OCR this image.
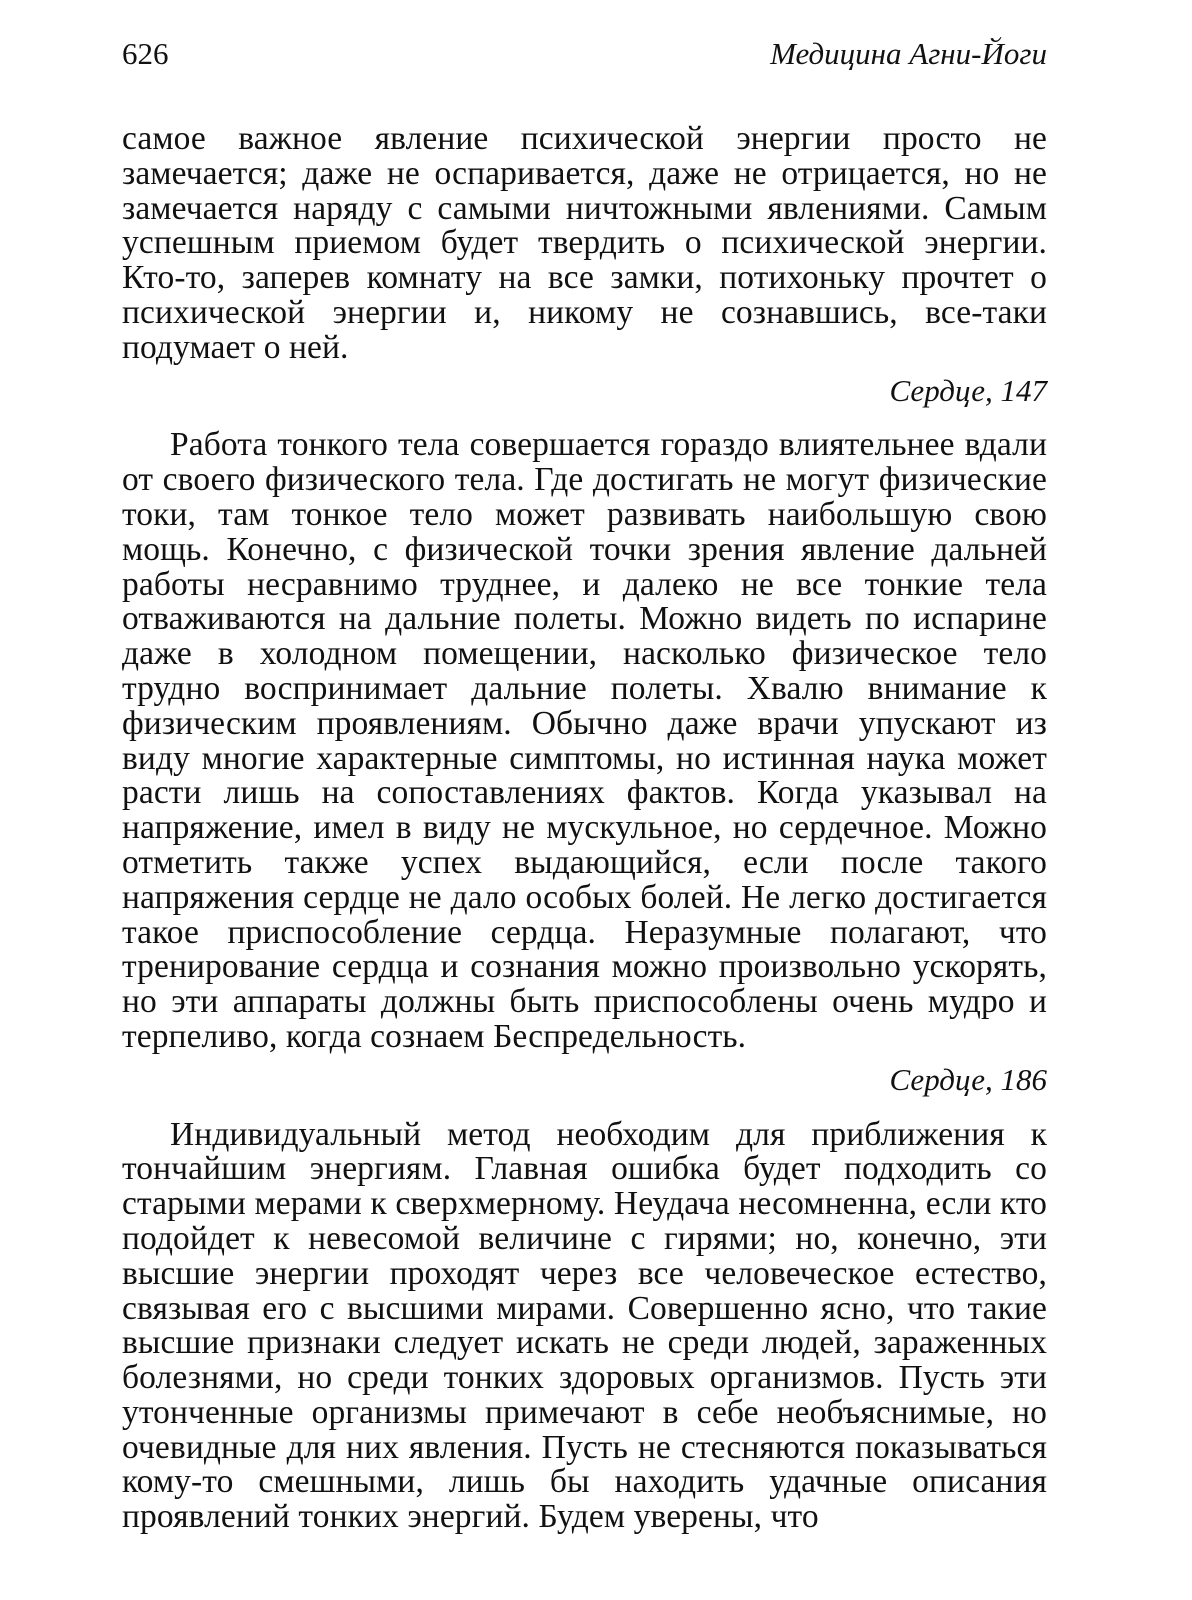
626	Медицина Агни-Йоги

самое важное явление психической энергии просто не замечается; даже не оспаривается, даже не отрицается, но не замечается наряду с самыми ничтожными явлениями. Самым успешным приемом будет твердить о психической энергии. Кто-то, заперев комнату на все замки, потихоньку прочтет о психической энергии и, никому не сознавшись, все-таки подумает о ней.

Сердце, 147

Работа тонкого тела совершается гораздо влиятельнее вдали от своего физического тела. Где достигать не могут физические токи, там тонкое тело может развивать наибольшую свою мощь. Конечно, с физической точки зрения явление дальней работы несравнимо труднее, и далеко не все тонкие тела отваживаются на дальние полеты. Можно видеть по испарине даже в холодном помещении, насколько физическое тело трудно воспринимает дальние полеты. Хвалю внимание к физическим проявлениям. Обычно даже врачи упускают из виду многие характерные симптомы, но истинная наука может расти лишь на сопоставлениях фактов. Когда указывал на напряжение, имел в виду не мускульное, но сердечное. Можно отметить также успех выдающийся, если после такого напряжения сердце не дало особых болей. Не легко достигается такое приспособление сердца. Неразумные полагают, что тренирование сердца и сознания можно произвольно ускорять, но эти аппараты должны быть приспособлены очень мудро и терпеливо, когда сознаем Беспредельность.

Сердце, 186

Индивидуальный метод необходим для приближения к тончайшим энергиям. Главная ошибка будет подходить со старыми мерами к сверхмерному. Неудача несомненна, если кто подойдет к невесомой величине с гирями; но, конечно, эти высшие энергии проходят через все человеческое естество, связывая его с высшими мирами. Совершенно ясно, что такие высшие признаки следует искать не среди людей, зараженных болезнями, но среди тонких здоровых организмов. Пусть эти утонченные организмы примечают в себе необъяснимые, но очевидные для них явления. Пусть не стесняются показываться кому-то смешными, лишь бы находить удачные описания проявлений тонких энергий. Будем уверены, что
